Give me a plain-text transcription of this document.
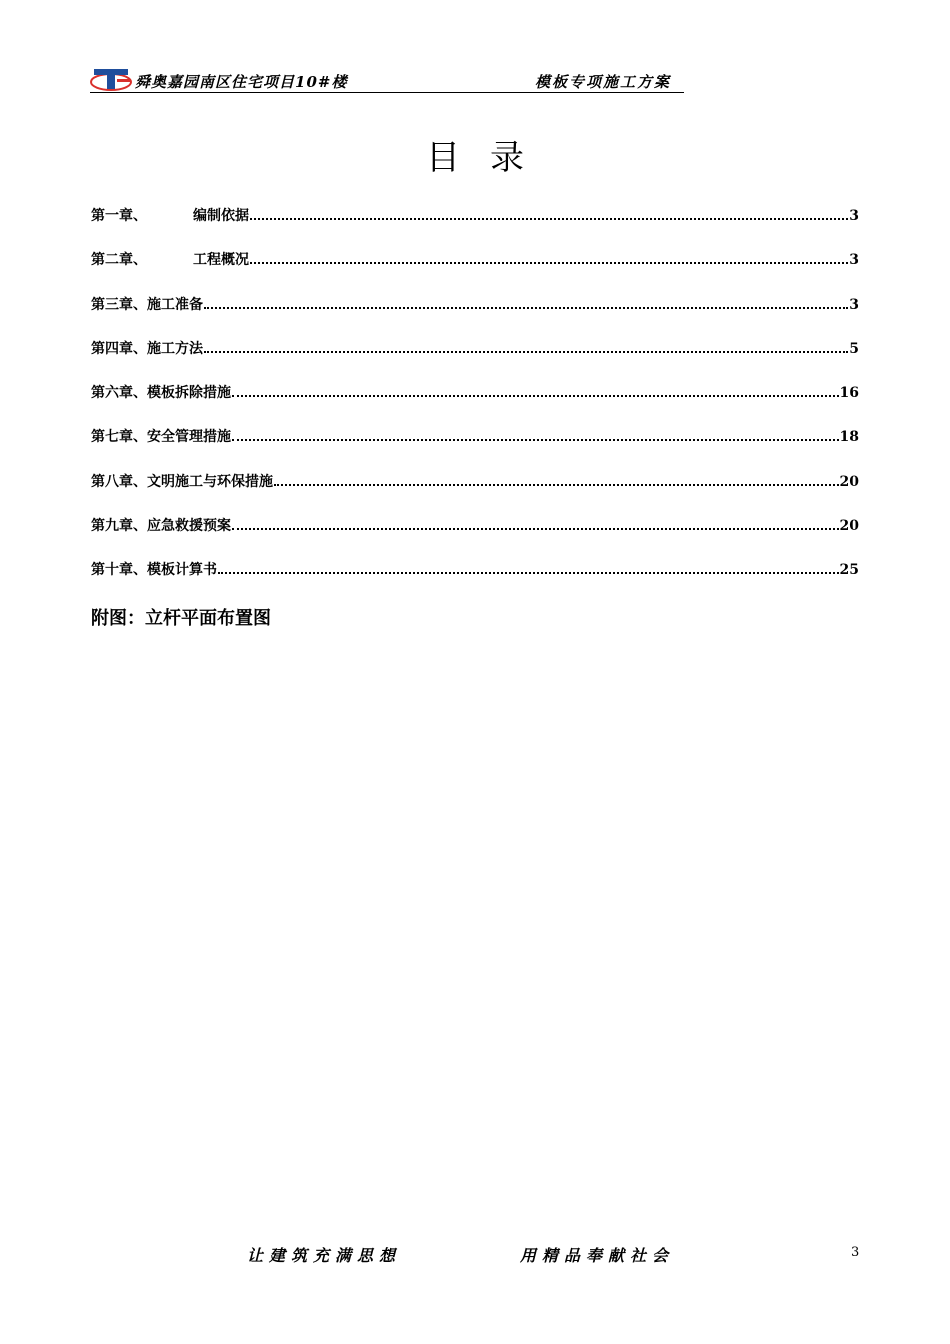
舜奥嘉园南区住宅项目10#楼	模板专项施工方案
目录
第一章、	编制依据	3
第二章、	工程概况	3
第三章、施工准备	3
第四章、施工方法	5
第六章、模板拆除措施	16
第七章、安全管理措施	18
第八章、文明施工与环保措施	20
第九章、应急救援预案	20
第十章、模板计算书	25
附图：立杆平面布置图
让建筑充满思想	用精品奉献社会	3
